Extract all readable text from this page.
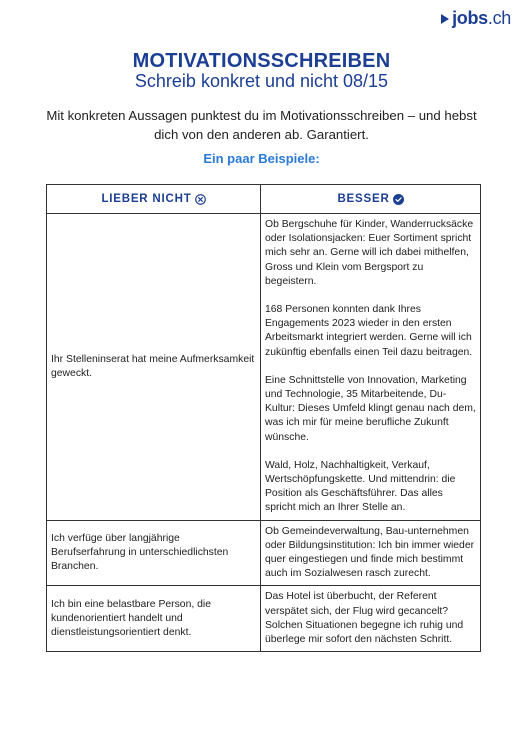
jobs.ch
MOTIVATIONSSCHREIBEN
Schreib konkret und nicht 08/15
Mit konkreten Aussagen punktest du im Motivationsschreiben – und hebst dich von den anderen ab. Garantiert.
Ein paar Beispiele:
LIEBER NICHT	BESSER

Ihr Stelleninserat hat meine Aufmerksamkeit geweckt.	Ob Bergschuhe für Kinder, Wanderrucksäcke oder Isolationsjacken: Euer Sortiment spricht mich sehr an. Gerne will ich dabei mithelfen, Gross und Klein vom Bergsport zu begeistern.

168 Personen konnten dank Ihres Engagements 2023 wieder in den ersten Arbeitsmarkt integriert werden. Gerne will ich zukünftig ebenfalls einen Teil dazu beitragen.

Eine Schnittstelle von Innovation, Marketing und Technologie, 35 Mitarbeitende, Du-Kultur: Dieses Umfeld klingt genau nach dem, was ich mir für meine berufliche Zukunft wünsche.

Wald, Holz, Nachhaltigkeit, Verkauf, Wertschöpfungskette. Und mittendrin: die Position als Geschäftsführer. Das alles spricht mich an Ihrer Stelle an.

Ich verfüge über langjährige Berufserfahrung in unterschiedlichsten Branchen.	Ob Gemeindeverwaltung, Bau-unternehmen oder Bildungsinstitution: Ich bin immer wieder quer eingestiegen und finde mich bestimmt auch im Sozialwesen rasch zurecht.

Ich bin eine belastbare Person, die kundenorientiert handelt und dienstleistungsorientiert denkt.	Das Hotel ist überbucht, der Referent verspätet sich, der Flug wird gecancelt? Solchen Situationen begegne ich ruhig und überlege mir sofort den nächsten Schritt.
